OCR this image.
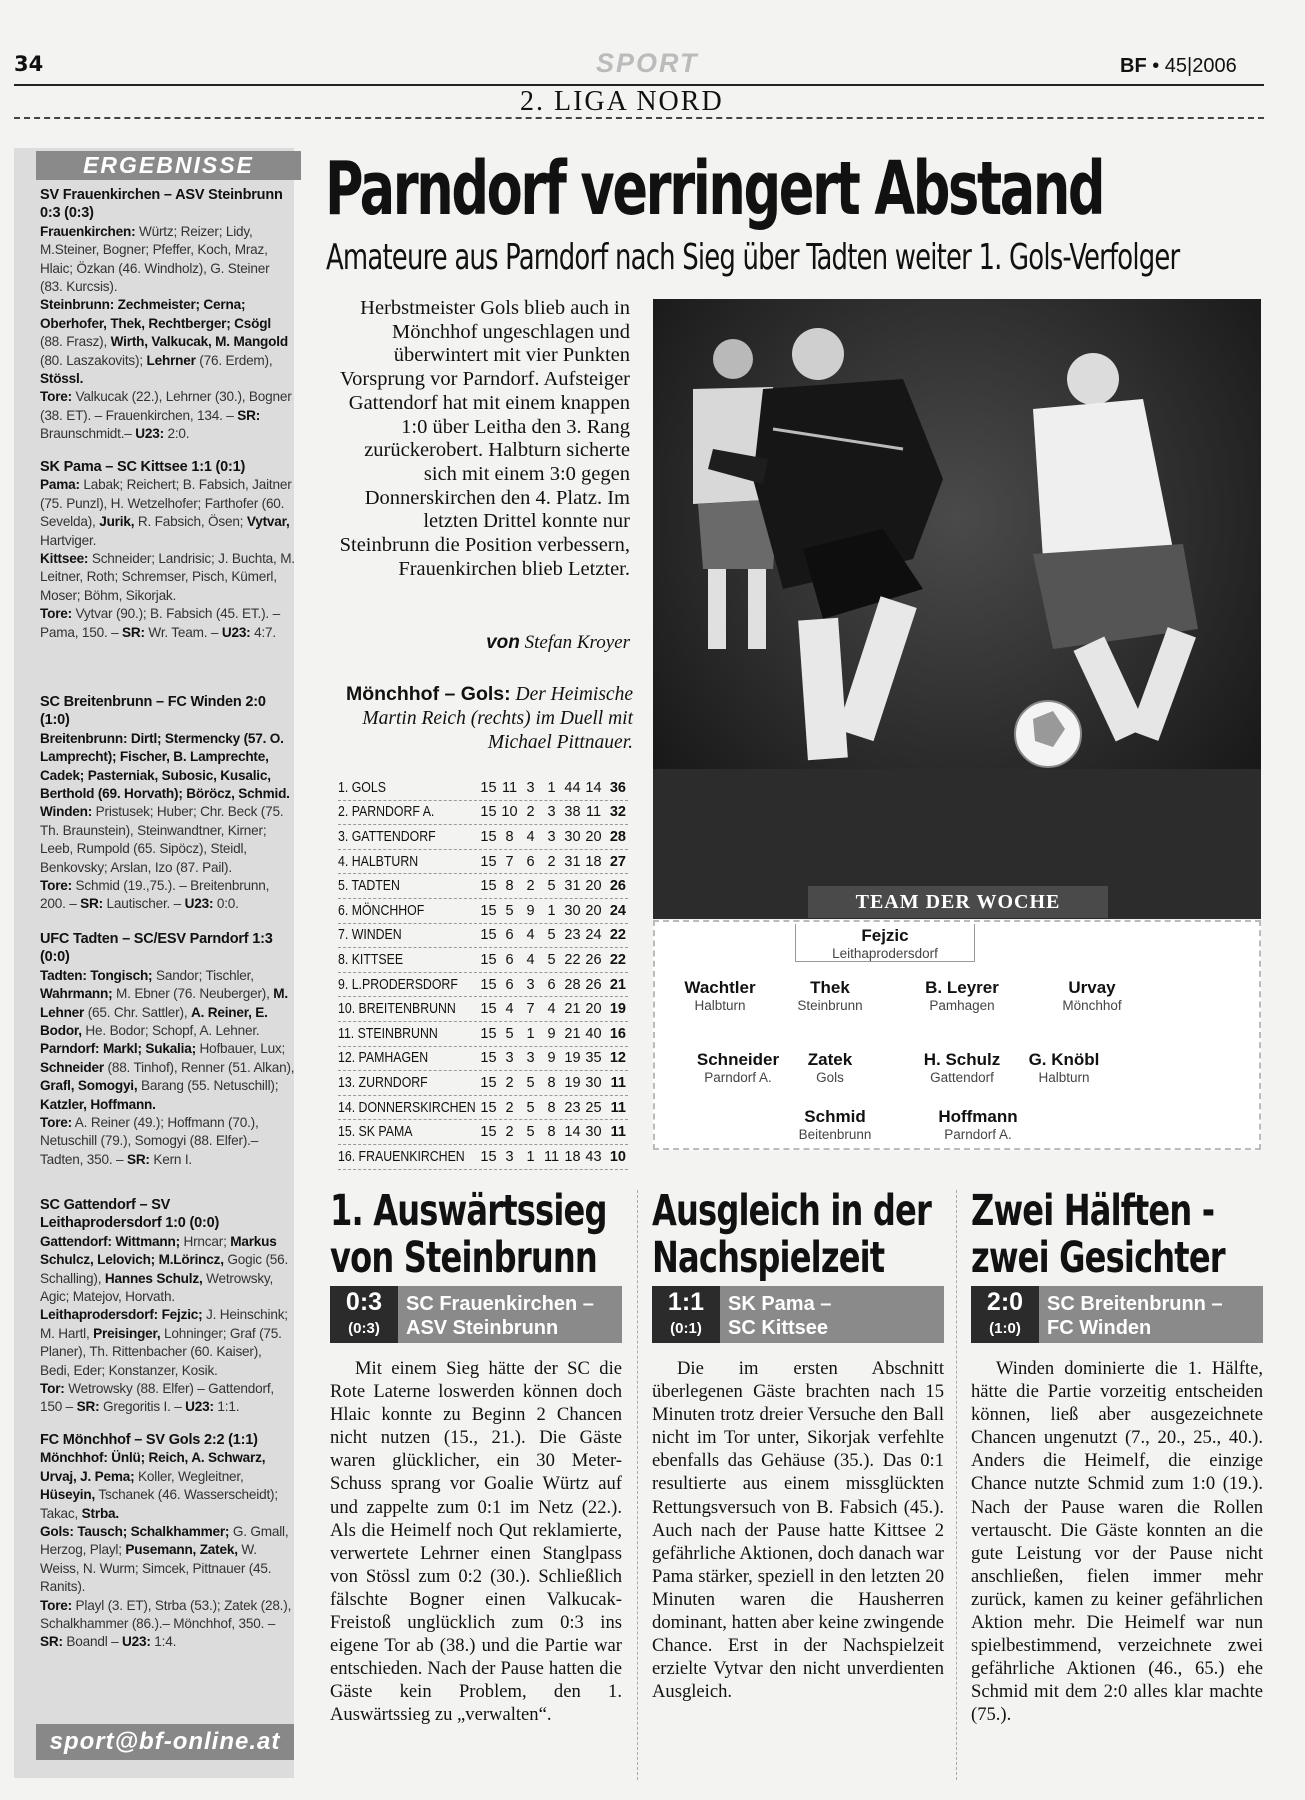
34	SPORT	BF • 45|2006
2. LIGA NORD
ERGEBNISSE
SV Frauenkirchen – ASV Steinbrunn 0:3 (0:3)

Frauenkirchen: Würtz; Reizer; Lidy, M.Steiner, Bogner; Pfeffer, Koch, Mraz, Hlaic; Özkan (46. Windholz), G. Steiner (83. Kurcsis).
Steinbrunn: Zechmeister; Cerna; Oberhofer, Thek, Rechtberger; Csögl (88. Frasz), Wirth, Valkucak, M. Mangold (80. Laszakovits); Lehrner (76. Erdem), Stössl.
Tore: Valkucak (22.), Lehrner (30.), Bogner (38. ET). – Frauenkirchen, 134. – SR: Braunschmidt.– U23: 2:0.

SK Pama – SC Kittsee 1:1 (0:1)

Pama: Labak; Reichert; B. Fabsich, Jaitner (75. Punzl), H. Wetzelhofer; Farthofer (60. Sevelda), Jurik, R. Fabsich, Ösen; Vytvar, Hartviger.
Kittsee: Schneider; Landrisic; J. Buchta, M. Leitner, Roth; Schremser, Pisch, Kümerl, Moser; Böhm, Sikorjak.
Tore: Vytvar (90.); B. Fabsich (45. ET.). – Pama, 150. – SR: Wr. Team. – U23: 4:7.

SC Breitenbrunn – FC Winden 2:0 (1:0)

Breitenbrunn: Dirtl; Stermencky (57. O. Lamprecht); Fischer, B. Lamprechte, Cadek; Pasterniak, Subosic, Kusalic, Berthold (69. Horvath); Böröcz, Schmid.
Winden: Pristusek; Huber; Chr. Beck (75. Th. Braunstein), Steinwandtner, Kirner; Leeb, Rumpold (65. Sipöcz), Steidl, Benkovsky; Arslan, Izo (87. Pail).
Tore: Schmid (19.,75.). – Breitenbrunn, 200. – SR: Lautischer. – U23: 0:0.

UFC Tadten – SC/ESV Parndorf 1:3 (0:0)

Tadten: Tongisch; Sandor; Tischler, Wahrmann; M. Ebner (76. Neuberger), M. Lehner (65. Chr. Sattler), A. Reiner, E. Bodor, He. Bodor; Schopf, A. Lehner.
Parndorf: Markl; Sukalia; Hofbauer, Lux; Schneider (88. Tinhof), Renner (51. Alkan), Grafl, Somogyi, Barang (55. Netuschill); Katzler, Hoffmann.
Tore: A. Reiner (49.); Hoffmann (70.), Netuschill (79.), Somogyi (88. Elfer).– Tadten, 350. – SR: Kern I.

SC Gattendorf – SV Leithaprodersdorf 1:0 (0:0)

Gattendorf: Wittmann; Hrncar; Markus Schulcz, Lelovich; M.Lörincz, Gogic (56. Schalling), Hannes Schulz, Wetrowsky, Agic; Matejov, Horvath.
Leithaprodersdorf: Fejzic; J. Heinschink; M. Hartl, Preisinger, Lohninger; Graf (75. Planer), Th. Rittenbacher (60. Kaiser), Bedi, Eder; Konstanzer, Kosik.
Tor: Wetrowsky (88. Elfer) – Gattendorf, 150 – SR: Gregoritis I. – U23: 1:1.

FC Mönchhof – SV Gols 2:2 (1:1)

Mönchhof: Ünlü; Reich, A. Schwarz, Urvaj, J. Pema; Koller, Wegleitner, Hüseyin, Tschanek (46. Wasserscheidt); Takac, Strba.
Gols: Tausch; Schalkhammer; G. Gmall, Herzog, Playl; Pusemann, Zatek, W. Weiss, N. Wurm; Simcek, Pittnauer (45. Ranits).
Tore: Playl (3. ET), Strba (53.); Zatek (28.), Schalkhammer (86.).– Mönchhof, 350. – SR: Boandl – U23: 1:4.

sport@bf-online.at
Parndorf verringert Abstand
Amateure aus Parndorf nach Sieg über Tadten weiter 1. Gols-Verfolger
Herbstmeister Gols blieb auch in Mönchhof ungeschlagen und überwintert mit vier Punkten Vorsprung vor Parndorf. Aufsteiger Gattendorf hat mit einem knappen 1:0 über Leitha den 3. Rang zurückerobert. Halbturn sicherte sich mit einem 3:0 gegen Donnerskirchen den 4. Platz. Im letzten Drittel konnte nur Steinbrunn die Position verbessern, Frauenkirchen blieb Letzter.
von Stefan Kroyer
Mönchhof – Gols: Der Heimische Martin Reich (rechts) im Duell mit Michael Pittnauer.
1. GOLS	15 11 3 1 44 14 36
2. PARNDORF A.	15 10 2 3 38 11 32
3. GATTENDORF	15 8 4 3 30 20 28
4. HALBTURN	15 7 6 2 31 18 27
5. TADTEN	15 8 2 5 31 20 26
6. MÖNCHHOF	15 5 9 1 30 20 24
7. WINDEN	15 6 4 5 23 24 22
8. KITTSEE	15 6 4 5 22 26 22
9. L.PRODERSDORF 15 6 3 6 28 26 21
10. BREITENBRUNN 15 4 7 4 21 20 19
11. STEINBRUNN	15 5 1 9 21 40 16
12. PAMHAGEN	15 3 3 9 19 35 12
13. ZURNDORF	15 2 5 8 19 30 11
14. DONNERSKIRCHEN 15 2 5 8 23 25 11
15. SK PAMA	15 2 5 8 14 30 11
16. FRAUENKIRCHEN 15 3 1 11 18 43 10
TEAM DER WOCHE
Fejzic
Leithaprodersdorf
Wachtler
Halbturn
Thek
Steinbrunn
B. Leyrer
Pamhagen
Urvay
Mönchhof
Schneider
Parndorf A.
Zatek
Gols
H. Schulz
Gattendorf
G. Knöbl
Halbturn
Schmid
Beitenbrunn
Hoffmann
Parndorf A.
1. Auswärtssieg
von Steinbrunn
0:3
(0:3)
SC Frauenkirchen –
ASV Steinbrunn

Mit einem Sieg hätte der SC die Rote Laterne loswerden können doch Hlaic konnte zu Beginn 2 Chancen nicht nutzen (15., 21.). Die Gäste waren glücklicher, ein 30 Meter-Schuss sprang vor Goalie Würtz auf und zappelte zum 0:1 im Netz (22.). Als die Heimelf noch Qut reklamierte, verwertete Lehrner einen Stanglpass von Stössl zum 0:2 (30.). Schließlich fälschte Bogner einen Valkucak-Freistoß unglücklich zum 0:3 ins eigene Tor ab (38.) und die Partie war entschieden. Nach der Pause hatten die Gäste kein Problem, den 1. Auswärtssieg zu „verwalten“.

Ausgleich in der
Nachspielzeit
1:1
(0:1)
SK Pama –
SC Kittsee

Die im ersten Abschnitt überlegenen Gäste brachten nach 15 Minuten trotz dreier Versuche den Ball nicht im Tor unter, Sikorjak verfehlte ebenfalls das Gehäuse (35.). Das 0:1 resultierte aus einem missglückten Rettungsversuch von B. Fabsich (45.). Auch nach der Pause hatte Kittsee 2 gefährliche Aktionen, doch danach war Pama stärker, speziell in den letzten 20 Minuten waren die Hausherren dominant, hatten aber keine zwingende Chance. Erst in der Nachspielzeit erzielte Vytvar den nicht unverdienten Ausgleich.

Zwei Hälften -
zwei Gesichter
2:0
(1:0)
SC Breitenbrunn –
FC Winden

Winden dominierte die 1. Hälfte, hätte die Partie vorzeitig entscheiden können, ließ aber ausgezeichnete Chancen ungenutzt (7., 20., 25., 40.). Anders die Heimelf, die einzige Chance nutzte Schmid zum 1:0 (19.). Nach der Pause waren die Rollen vertauscht. Die Gäste konnten an die gute Leistung vor der Pause nicht anschließen, fielen immer mehr zurück, kamen zu keiner gefährlichen Aktion mehr. Die Heimelf war nun spielbestimmend, verzeichnete zwei gefährliche Aktionen (46., 65.) ehe Schmid mit dem 2:0 alles klar machte (75.).
